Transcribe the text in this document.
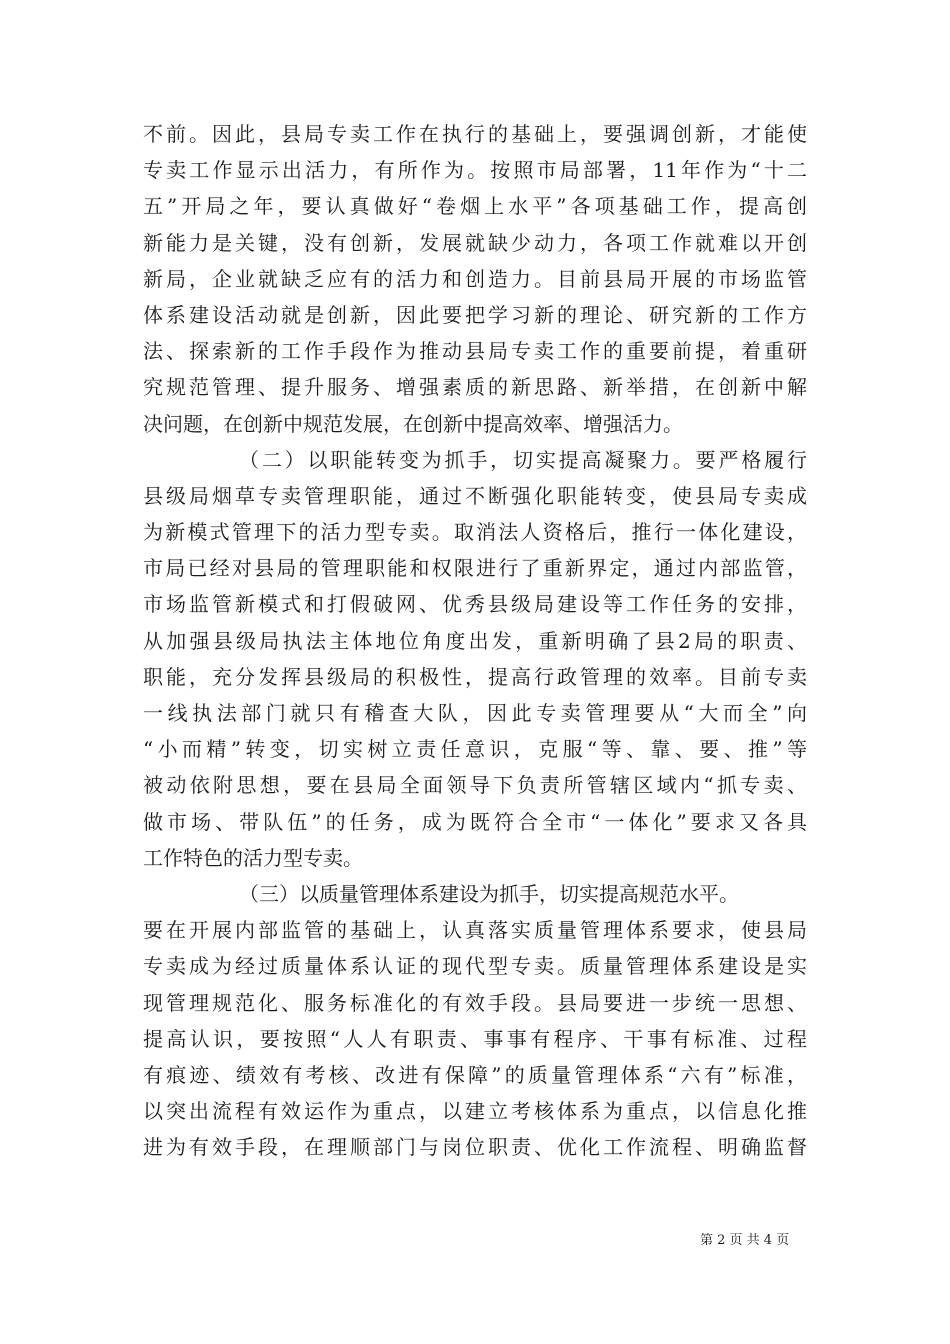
不前。因此，县局专卖工作在执行的基础上，要强调创新，才能使
专卖工作显示出活力，有所作为。按照市局部署，11年作为“十二
五”开局之年，要认真做好“卷烟上水平”各项基础工作，提高创
新能力是关键，没有创新，发展就缺少动力，各项工作就难以开创
新局，企业就缺乏应有的活力和创造力。目前县局开展的市场监管
体系建设活动就是创新，因此要把学习新的理论、研究新的工作方
法、探索新的工作手段作为推动县局专卖工作的重要前提，着重研
究规范管理、提升服务、增强素质的新思路、新举措，在创新中解
决问题，在创新中规范发展，在创新中提高效率、增强活力。
（二）以职能转变为抓手，切实提高凝聚力。要严格履行
县级局烟草专卖管理职能，通过不断强化职能转变，使县局专卖成
为新模式管理下的活力型专卖。取消法人资格后，推行一体化建设，
市局已经对县局的管理职能和权限进行了重新界定，通过内部监管，
市场监管新模式和打假破网、优秀县级局建设等工作任务的安排，
从加强县级局执法主体地位角度出发，重新明确了县2局的职责、
职能，充分发挥县级局的积极性，提高行政管理的效率。目前专卖
一线执法部门就只有稽查大队，因此专卖管理要从“大而全”向
“小而精”转变，切实树立责任意识，克服“等、靠、要、推”等
被动依附思想，要在县局全面领导下负责所管辖区域内“抓专卖、
做市场、带队伍”的任务，成为既符合全市“一体化”要求又各具
工作特色的活力型专卖。
（三）以质量管理体系建设为抓手，切实提高规范水平。
要在开展内部监管的基础上，认真落实质量管理体系要求，使县局
专卖成为经过质量体系认证的现代型专卖。质量管理体系建设是实
现管理规范化、服务标准化的有效手段。县局要进一步统一思想、
提高认识，要按照“人人有职责、事事有程序、干事有标准、过程
有痕迹、绩效有考核、改进有保障”的质量管理体系“六有”标准，
以突出流程有效运作为重点，以建立考核体系为重点，以信息化推
进为有效手段，在理顺部门与岗位职责、优化工作流程、明确监督
第 2 页 共 4 页
